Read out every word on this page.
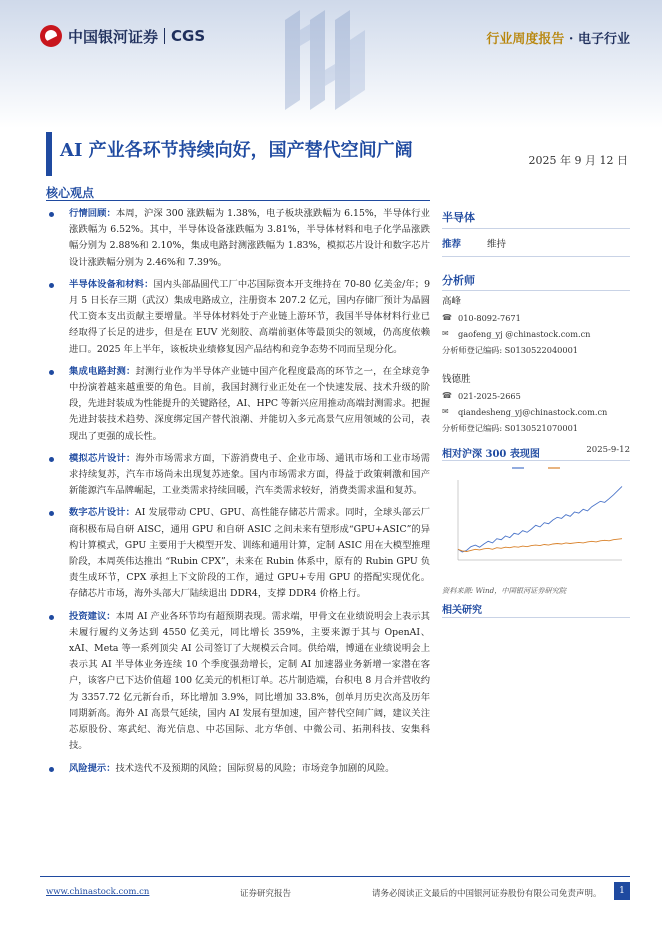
中国银河证券 CGS	行业周度报告 · 电子行业
AI 产业各环节持续向好，国产替代空间广阔	2025 年 9 月 12 日
核心观点
行情回顾：本周，沪深 300 涨跌幅为 1.38%，电子板块涨跌幅为 6.15%，半导体行业涨跌幅为 6.52%。其中，半导体设备涨跌幅为 3.81%，半导体材料和电子化学品涨跌幅分别为 2.88%和 2.10%，集成电路封测涨跌幅为 1.83%，模拟芯片设计和数字芯片设计涨跌幅分别为 2.46%和 7.39%。
半导体设备和材料：国内头部晶圆代工厂中芯国际资本开支维持在 70-80 亿美金/年；9 月 5 日长存三期（武汉）集成电路成立，注册资本 207.2 亿元，国内存储厂预计为晶圆代工资本支出贡献主要增量。半导体材料处于产业链上游环节，我国半导体材料行业已经取得了长足的进步，但是在 EUV 光刻胶、高端前驱体等最顶尖的领域，仍高度依赖进口。2025 年上半年，该板块业绩修复因产品结构和竞争态势不同而呈现分化。
集成电路封测：封测行业作为半导体产业链中国产化程度最高的环节之一，在全球竞争中扮演着越来越重要的角色。目前，我国封测行业正处在一个快速发展、技术升级的阶段，先进封装成为性能提升的关键路径，AI、HPC 等新兴应用推动高端封测需求。把握先进封装技术趋势、深度绑定国产替代浪潮、并能切入多元高景气应用领域的公司，表现出了更强的成长性。
模拟芯片设计：海外市场需求方面，下游消费电子、企业市场、通讯市场和工业市场需求持续复苏，汽车市场尚未出现复苏迹象。国内市场需求方面，得益于政策刺激和国产新能源汽车品牌崛起，工业类需求持续回暖，汽车类需求较好，消费类需求温和复苏。
数字芯片设计：AI 发展带动 CPU、GPU、高性能存储芯片需求。同时，全球头部云厂商积极布局自研 AISC，通用 GPU 和自研 ASIC 之间未来有望形成“GPU+ASIC”的异构计算模式，GPU 主要用于大模型开发、训练和通用计算，定制 ASIC 用在大模型推理阶段，本周英伟达推出 “Rubin CPX”，未来在 Rubin 体系中，原有的 Rubin GPU 负责生成环节，CPX 承担上下文阶段的工作，通过 GPU+专用 GPU 的搭配实现优化。存储芯片市场，海外头部大厂陆续退出 DDR4，支撑 DDR4 价格上行。
投资建议：本周 AI 产业各环节均有超预期表现。需求端，甲骨文在业绩说明会上表示其未履行履约义务达到 4550 亿美元，同比增长 359%，主要来源于其与 OpenAI、xAI、Meta 等一系列顶尖 AI 公司签订了大规模云合同。供给端，博通在业绩说明会上表示其 AI 半导体业务连续 10 个季度强劲增长，定制 AI 加速器业务新增一家潜在客户，该客户已下达价值超 100 亿美元的机柜订单。芯片制造端，台积电 8 月合并营收约为 3357.72 亿元新台币，环比增加 3.9%，同比增加 33.8%，创单月历史次高及历年同期新高。海外 AI 高景气延续，国内 AI 发展有望加速，国产替代空间广阔，建议关注芯原股份、寒武纪、海光信息、中芯国际、北方华创、中微公司、拓荆科技、安集科技。
风险提示：技术迭代不及预期的风险；国际贸易的风险；市场竞争加剧的风险。
半导体
推荐	维持
分析师
高峰
☎ 010-8092-7671
✉	gaofeng_yj @chinastock.com.cn
分析师登记编码: S0130522040001
钱德胜
☎ 021-2025-2665
✉	qiandesheng_yj@chinastock.com.cn
分析师登记编码: S0130521070001
相对沪深 300 表现图	2025-9-12
资料来源: Wind，中国银河证券研究院
相关研究
www.chinastock.com.cn	证券研究报告	请务必阅读正文最后的中国银河证券股份有限公司免责声明。	1
